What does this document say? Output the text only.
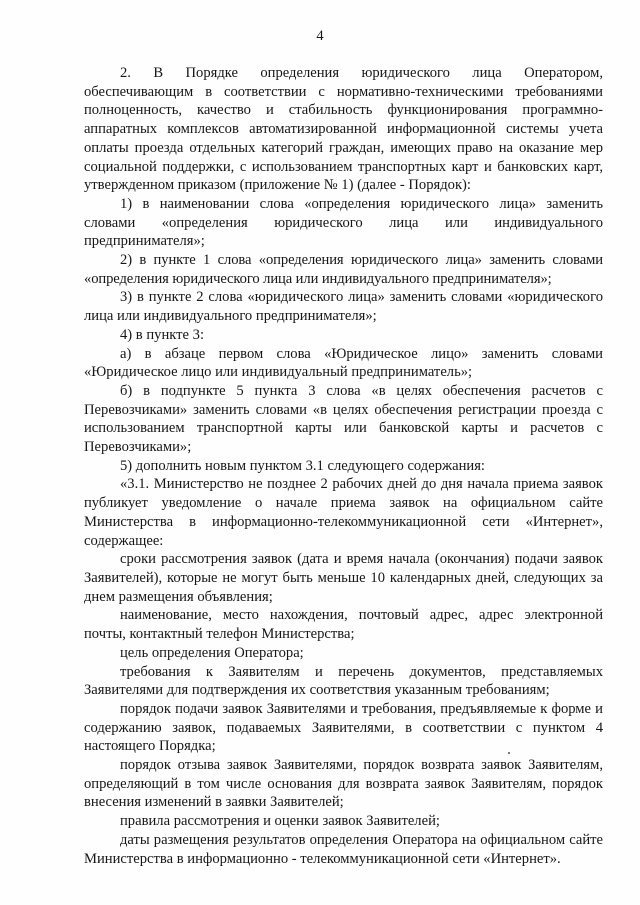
4

2. В Порядке определения юридического лица Оператором, обеспечивающим в соответствии с нормативно-техническими требованиями полноценность, качество и стабильность функционирования программно-аппаратных комплексов автоматизированной информационной системы учета оплаты проезда отдельных категорий граждан, имеющих право на оказание мер социальной поддержки, с использованием транспортных карт и банковских карт, утвержденном приказом (приложение № 1) (далее - Порядок):

1) в наименовании слова «определения юридического лица» заменить словами «определения юридического лица или индивидуального предпринимателя»;

2) в пункте 1 слова «определения юридического лица» заменить словами «определения юридического лица или индивидуального предпринимателя»;

3) в пункте 2 слова «юридического лица» заменить словами «юридического лица или индивидуального предпринимателя»;

4) в пункте 3:

а) в абзаце первом слова «Юридическое лицо» заменить словами «Юридическое лицо или индивидуальный предприниматель»;

б) в подпункте 5 пункта 3 слова «в целях обеспечения расчетов с Перевозчиками» заменить словами «в целях обеспечения регистрации проезда с использованием транспортной карты или банковской карты и расчетов с Перевозчиками»;

5) дополнить новым пунктом 3.1 следующего содержания:

«3.1. Министерство не позднее 2 рабочих дней до дня начала приема заявок публикует уведомление о начале приема заявок на официальном сайте Министерства в информационно-телекоммуникационной сети «Интернет», содержащее:

сроки рассмотрения заявок (дата и время начала (окончания) подачи заявок Заявителей), которые не могут быть меньше 10 календарных дней, следующих за днем размещения объявления;

наименование, место нахождения, почтовый адрес, адрес электронной почты, контактный телефон Министерства;

цель определения Оператора;

требования к Заявителям и перечень документов, представляемых Заявителями для подтверждения их соответствия указанным требованиям;

порядок подачи заявок Заявителями и требования, предъявляемые к форме и содержанию заявок, подаваемых Заявителями, в соответствии с пунктом 4 настоящего Порядка;

порядок отзыва заявок Заявителями, порядок возврата заявок Заявителям, определяющий в том числе основания для возврата заявок Заявителям, порядок внесения изменений в заявки Заявителей;

правила рассмотрения и оценки заявок Заявителей;

даты размещения результатов определения Оператора на официальном сайте Министерства в информационно - телекоммуникационной сети «Интернет».
